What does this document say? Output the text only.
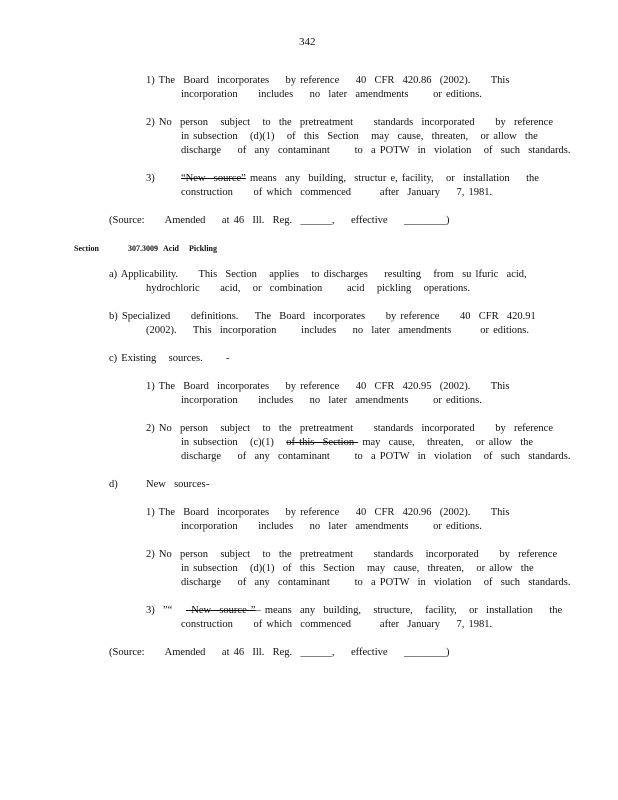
342
1) The  Board  incorporates    by reference    40  CFR  420.86  (2002).     This
incorporation     includes    no  later  amendments      or editions.
2) No  person   subject   to  the  pretreatment     standards  incorporated     by  reference
in subsection   (d)(1)   of  this  Section   may  cause,  threaten,   or allow  the
discharge    of  any  contaminant      to  a POTW  in  violation   of  such  standards.
3)	“New  source” means  any  building,  structur e, facility,   or  installation    the
construction     of which  commenced       after  January    7, 1981.
(Source:     Amended    at 46  Ill.  Reg.  ______,    effective    ________)
Section	307.3009 Acid     Pickling
a) Applicability.     This  Section   applies   to discharges    resulting   from  su lfuric  acid,
hydrochloric     acid,   or  combination      acid   pickling   operations.
b) Specialized     definitions.    The  Board  incorporates     by reference     40  CFR  420.91
(2002).    This  incorporation      includes    no  later  amendments       or editions.
c) Existing   sources. -
1) The  Board  incorporates    by reference    40  CFR  420.95  (2002).     This
incorporation     includes    no  later  amendments      or editions.
2) No  person   subject   to  the  pretreatment     standards  incorporated     by  reference
in subsection   (c)(1)   of this  Section  may  cause,   threaten,   or allow  the
discharge    of  any  contaminant      to  a POTW  in  violation   of  such  standards.
d)	New  sources -
1) The  Board  incorporates    by reference    40  CFR  420.96  (2002).     This
incorporation     includes    no  later  amendments      or editions.
2) No  person   subject   to  the  pretreatment     standards   incorporated     by  reference
in subsection   (d)(1)  of  this  Section   may  cause,  threaten,   or allow  the
discharge    of  any  contaminant      to  a POTW  in  violation   of  such  standards.
3)  ”“ –New  source ”– means  any  building,   structure,   facility,   or  installation    the
construction     of which  commenced       after  January    7, 1981.
(Source:     Amended    at 46  Ill.  Reg.  ______,    effective    ________)
